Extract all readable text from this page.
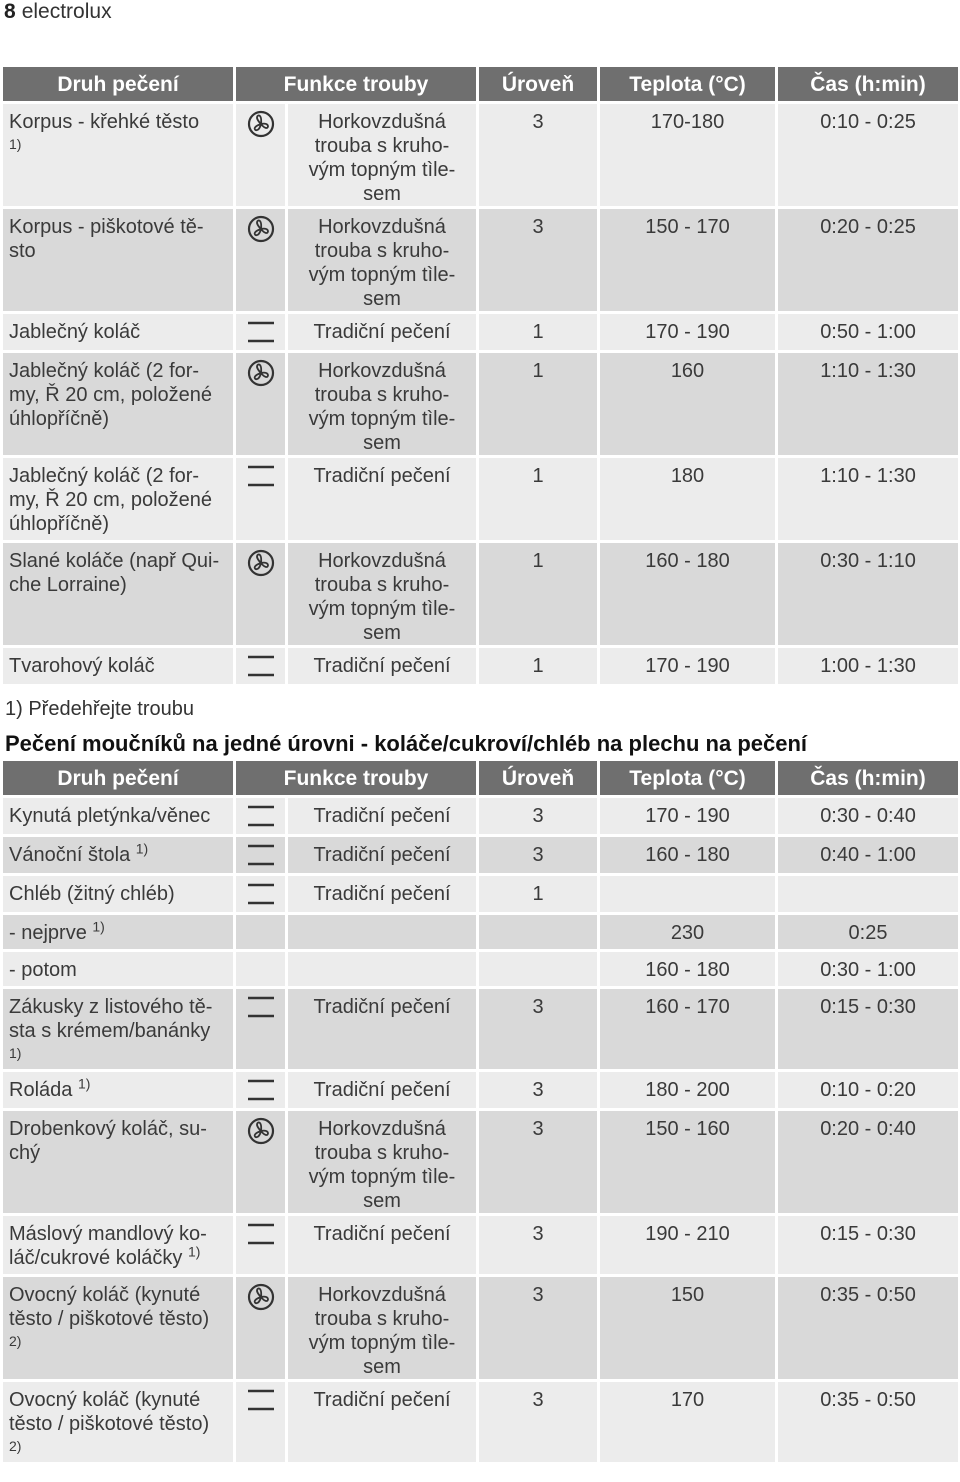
8 electrolux
Druh pečení	Funkce trouby		Úroveň	Teplota (°C)	Čas (h:min)
Korpus - křehké těsto
1)		Horkovzdušná
trouba s kruho-
vým topným tìle-
sem	3	170-180	0:10 - 0:25

Korpus - piškotové tě-
sto		Horkovzdušná
trouba s kruho-
vým topným tìle-
sem	3	150 - 170	0:20 - 0:25
Jablečný koláč		Tradiční pečení	1	170 - 190	0:50 - 1:00

Jablečný koláč (2 for-
my, Ř 20 cm, položené
úhlopříčně)		Horkovzdušná
trouba s kruho-
vým topným tìle-
sem	1	160	1:10 - 1:30

Jablečný koláč (2 for-
my, Ř 20 cm, položené
úhlopříčně)		Tradiční pečení	1	180	1:10 - 1:30

Slané koláče (např Qui-
che Lorraine)		Horkovzdušná
trouba s kruho-
vým topným tìle-
sem	1	160 - 180	0:30 - 1:10
Tvarohový koláč		Tradiční pečení	1	170 - 190	1:00 - 1:30
1) Předehřejte troubu
Pečení moučníků na jedné úrovni - koláče/cukroví/chléb na plechu na pečení
Druh pečení	Funkce trouby		Úroveň	Teplota (°C)	Čas (h:min)
Kynutá pletýnka/věnec		Tradiční pečení	3	170 - 190	0:30 - 0:40
Vánoční štola $^{1)}$		Tradiční pečení	3	160 - 180	0:40 - 1:00
Chléb (žitný chléb)		Tradiční pečení	1		
- nejprve $^{1)}$				230	0:25
- potom				160 - 180	0:30 - 1:00

Zákusky z listového tě-
sta s krémem/banánky
1)		Tradiční pečení	3	160 - 170	0:15 - 0:30
Roláda $^{1)}$		Tradiční pečení	3	180 - 200	0:10 - 0:20

Drobenkový koláč, su-
chý		Horkovzdušná
trouba s kruho-
vým topným tìle-
sem	3	150 - 160	0:20 - 0:40

Máslový mandlový ko-
láč/cukrové koláčky $^{1)}$		Tradiční pečení	3	190 - 210	0:15 - 0:30

Ovocný koláč (kynuté
těsto / piškotové těsto)
2)		Horkovzdušná
trouba s kruho-
vým topným tìle-
sem	3	150	0:35 - 0:50

Ovocný koláč (kynuté
těsto / piškotové těsto)
2)		Tradiční pečení	3	170	0:35 - 0:50
